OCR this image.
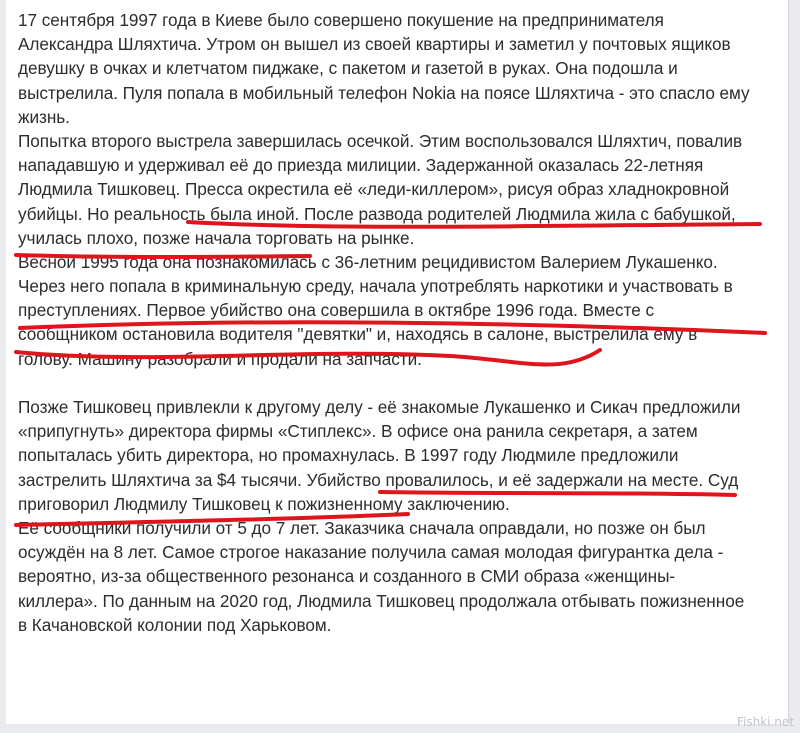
17 сентября 1997 года в Киеве было совершено покушение на предпринимателя
Александра Шляхтича. Утром он вышел из своей квартиры и заметил у почтовых ящиков
девушку в очках и клетчатом пиджаке, с пакетом и газетой в руках. Она подошла и
выстрелила. Пуля попала в мобильный телефон Nokia на поясе Шляхтича - это спасло ему
жизнь.
Попытка второго выстрела завершилась осечкой. Этим воспользовался Шляхтич, повалив
нападавшую и удерживал её до приезда милиции. Задержанной оказалась 22-летняя
Людмила Тишковец. Пресса окрестила её «леди-киллером», рисуя образ хладнокровной
убийцы. Но реальность была иной. После развода родителей Людмила жила с бабушкой,
училась плохо, позже начала торговать на рынке.
Весной 1995 года она познакомилась с 36-летним рецидивистом Валерием Лукашенко.
Через него попала в криминальную среду, начала употреблять наркотики и участвовать в
преступлениях. Первое убийство она совершила в октябре 1996 года. Вместе с
сообщником остановила водителя "девятки" и, находясь в салоне, выстрелила ему в
голову. Машину разобрали и продали на запчасти.
Позже Тишковец привлекли к другому делу - её знакомые Лукашенко и Сикач предложили
«припугнуть» директора фирмы «Стиплекс». В офисе она ранила секретаря, а затем
попыталась убить директора, но промахнулась. В 1997 году Людмиле предложили
застрелить Шляхтича за $4 тысячи. Убийство провалилось, и её задержали на месте. Суд
приговорил Людмилу Тишковец к пожизненному заключению.
Её сообщники получили от 5 до 7 лет. Заказчика сначала оправдали, но позже он был
осуждён на 8 лет. Самое строгое наказание получила самая молодая фигурантка дела -
вероятно, из-за общественного резонанса и созданного в СМИ образа «женщины-
киллера». По данным на 2020 год, Людмила Тишковец продолжала отбывать пожизненное
в Качановской колонии под Харьковом.
Fishki.net
